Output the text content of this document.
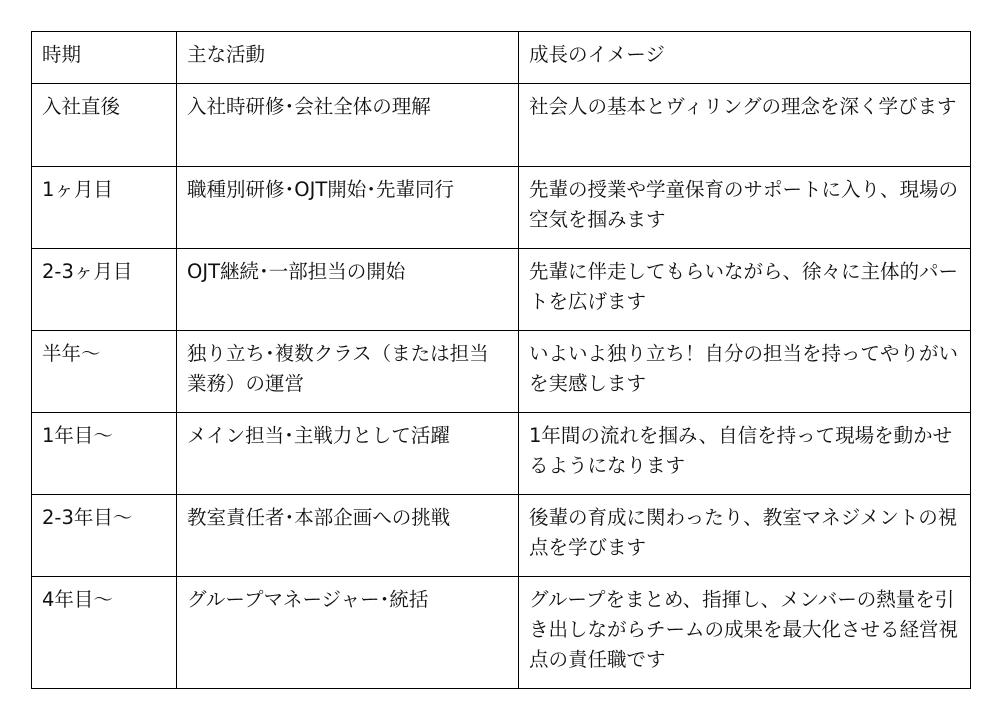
時期	主な活動	成長のイメージ
入社直後	入社時研修･会社全体の理解	社会人の基本とヴィリングの理念を深く学びます
1ヶ月目	職種別研修･OJT開始･先輩同行	先輩の授業や学童保育のサポートに入り、現場の空気を掴みます
2-3ヶ月目	OJT継続･一部担当の開始	先輩に伴走してもらいながら、徐々に主体的パートを広げます
半年〜	独り立ち･複数クラス（または担当業務）の運営	いよいよ独り立ち！自分の担当を持ってやりがいを実感します
1年目〜	メイン担当･主戦力として活躍	1年間の流れを掴み、自信を持って現場を動かせるようになります
2-3年目〜	教室責任者･本部企画への挑戦	後輩の育成に関わったり、教室マネジメントの視点を学びます
4年目〜	グループマネージャー･統括	グループをまとめ、指揮し、メンバーの熱量を引き出しながらチームの成果を最大化させる経営視点の責任職です
